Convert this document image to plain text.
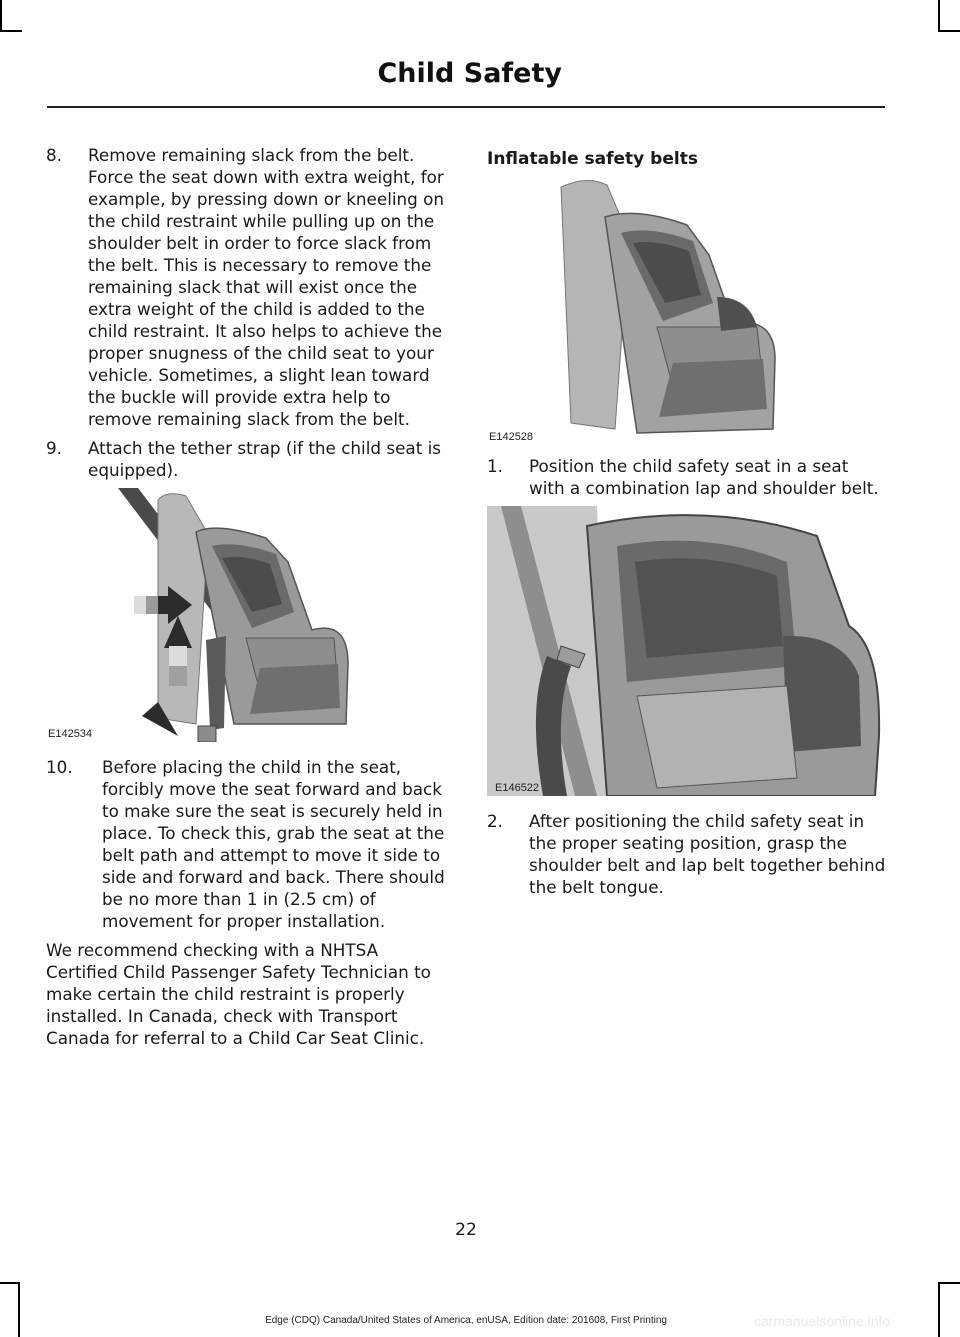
Child Safety
8.	Remove remaining slack from the belt. Force the seat down with extra weight, for example, by pressing down or kneeling on the child restraint while pulling up on the shoulder belt in order to force slack from the belt. This is necessary to remove the remaining slack that will exist once the extra weight of the child is added to the child restraint. It also helps to achieve the proper snugness of the child seat to your vehicle. Sometimes, a slight lean toward the buckle will provide extra help to remove remaining slack from the belt.
9.	Attach the tether strap (if the child seat is equipped).
E142534
10.	Before placing the child in the seat, forcibly move the seat forward and back to make sure the seat is securely held in place. To check this, grab the seat at the belt path and attempt to move it side to side and forward and back. There should be no more than 1 in (2.5 cm) of movement for proper installation.

We recommend checking with a NHTSA Certified Child Passenger Safety Technician to make certain the child restraint is properly installed. In Canada, check with Transport Canada for referral to a Child Car Seat Clinic.

Inflatable safety belts
E142528
1.	Position the child safety seat in a seat with a combination lap and shoulder belt.
E146522
2.	After positioning the child safety seat in the proper seating position, grasp the shoulder belt and lap belt together behind the belt tongue.
22
Edge (CDQ) Canada/United States of America, enUSA, Edition date: 201608, First Printing	carmanualsonline.info
